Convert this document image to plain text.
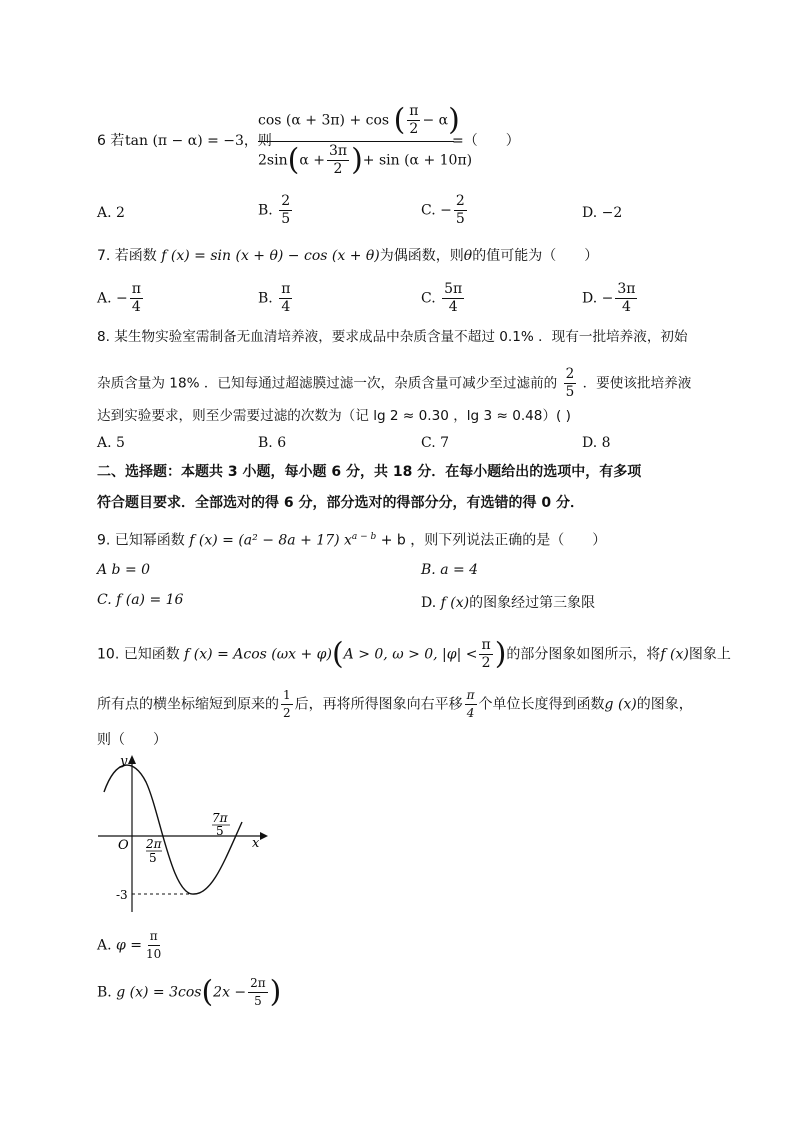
6 若 tan (π − α) = −3，则
cos (α + 3π) + cos ( $\frac{\pi}{2} - \alpha$)
$2\sin(\alpha + \frac{3\pi}{2}$ )+ sin (α + 10π)
=（　　）
A. 2	B. $\frac{2}{5}$	C. − $\frac{2}{5}$	D. −2
7. 若函数 f (x) = sin (x + θ) − cos (x + θ)为偶函数，则θ的值可能为（　　）
A. − $\frac{\pi}{4}$	B. $\frac{\pi}{4}$	C. $\frac{5\pi}{4}$	D. − $\frac{3\pi}{4}$
8. 某生物实验室需制备无血清培养液，要求成品中杂质含量不超过 0.1% ．现有一批培养液，初始
杂质含量为 18% ．已知每通过超滤膜过滤一次，杂质含量可减少至过滤前的 $\frac{2}{5}$ ．要使该批培养液
达到实验要求，则至少需要过滤的次数为（记 lg 2 ≈ 0.30 ，lg 3 ≈ 0.48）( )
A. 5	B. 6	C. 7	D. 8
二、选择题：本题共 3 小题，每小题 6 分，共 18 分．在每小题给出的选项中，有多项
符合题目要求．全部选对的得 6 分，部分选对的得部分分，有选错的得 0 分．
9. 已知幂函数 f (x) = (a² − 8a + 17) $x^{a - b} + b$ ，则下列说法正确的是（　　）
A b = 0	B. a = 4
C. f (a) = 16	D. f (x)的图象经过第三象限
10. 已知函数 f (x) = Acos (ωx + φ)(A > 0, ω > 0, $|\varphi| < \frac{\pi}{2}$ )的部分图象如图所示，将f (x)图象上
所有点的横坐标缩短到原来的 $\frac{1}{2}$ 后，再将所得图象向右平移 $\frac{\pi}{4}$ 个单位长度得到函数g (x)的图象，
则（　　）
y
x
O 2π
5
7π
5
-3
A. $\varphi = \frac{\pi}{10}$
B. g $(x) = 3\cos(2x - \frac{2\pi}{5}$ )
